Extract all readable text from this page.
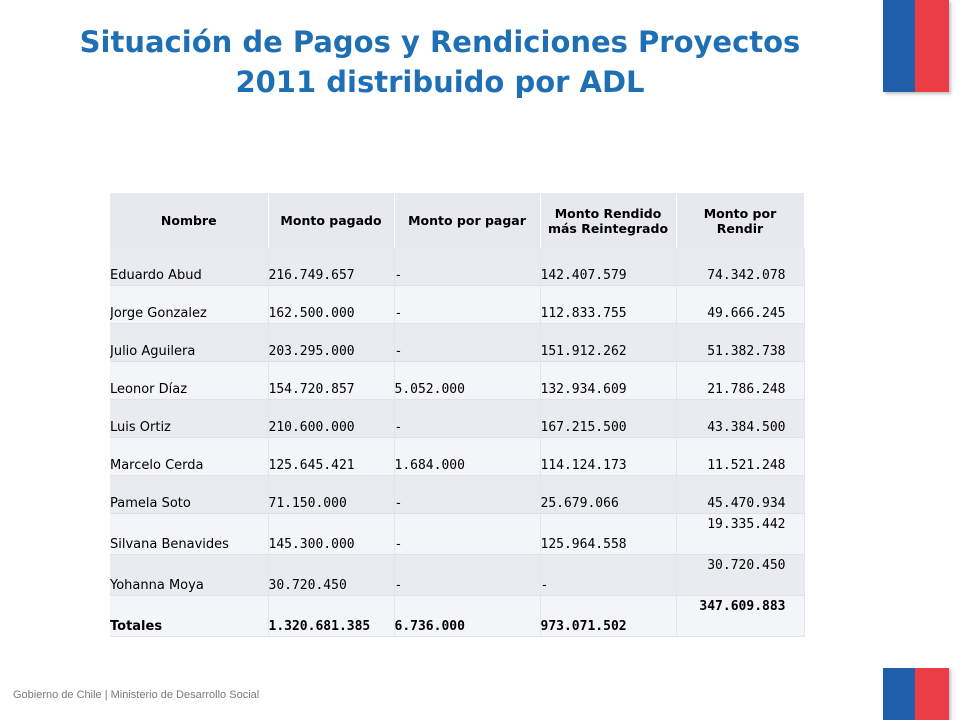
Situación de Pagos y Rendiciones Proyectos
2011 distribuido por ADL
Nombre	Monto pagado	Monto por pagar	Monto Rendido más Reintegrado	Monto por Rendir
Eduardo Abud	216.749.657	-	142.407.579	74.342.078
Jorge Gonzalez	162.500.000	-	112.833.755	49.666.245
Julio Aguilera	203.295.000	-	151.912.262	51.382.738
Leonor Díaz	154.720.857	5.052.000	132.934.609	21.786.248
Luis Ortiz	210.600.000	-	167.215.500	43.384.500
Marcelo Cerda	125.645.421	1.684.000	114.124.173	11.521.248
Pamela Soto	71.150.000	-	25.679.066	45.470.934
Silvana Benavides	145.300.000	-	125.964.558	19.335.442
Yohanna Moya	30.720.450	-	-	30.720.450
Totales	1.320.681.385	6.736.000	973.071.502	347.609.883
Gobierno de Chile | Ministerio de Desarrollo Social
